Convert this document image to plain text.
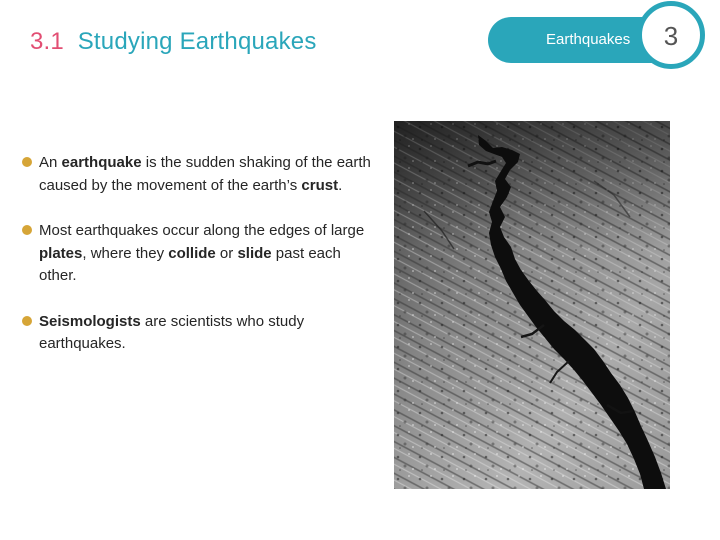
3.1 Studying Earthquakes	Earthquakes	3
An earthquake is the sudden shaking of the earth caused by the movement of the earth’s crust.
Most earthquakes occur along the edges of large plates, where they collide or slide past each other.
Seismologists are scientists who study earthquakes.
